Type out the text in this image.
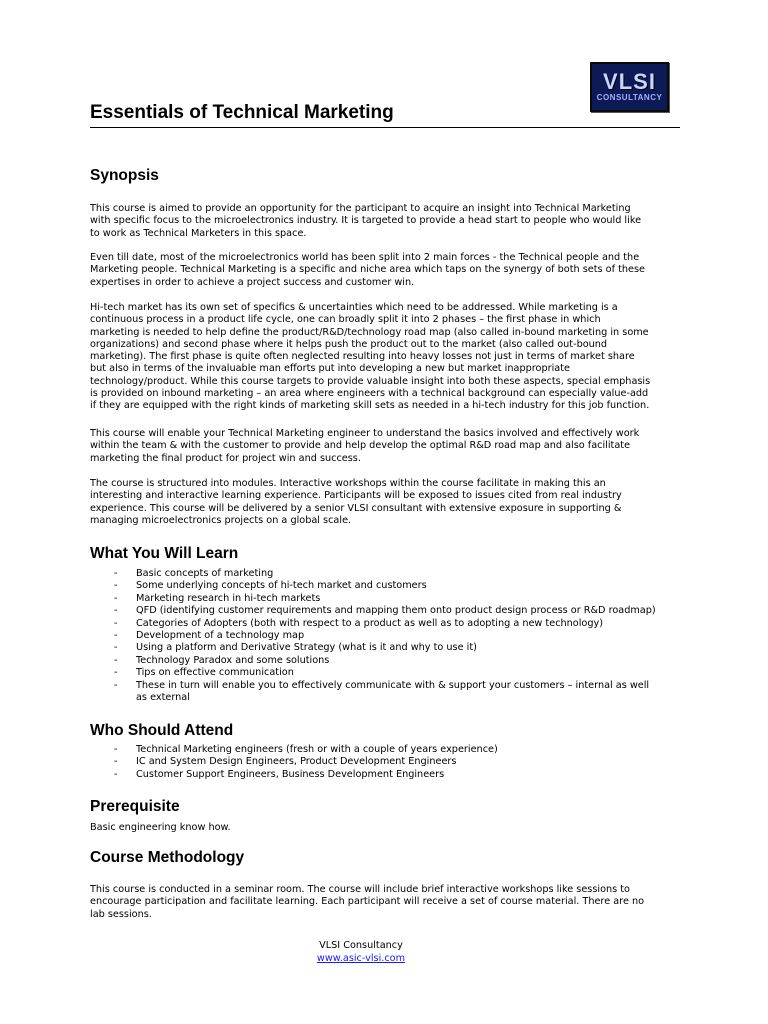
Essentials of Technical Marketing
VLSI
CONSULTANCY
Synopsis
This course is aimed to provide an opportunity for the participant to acquire an insight into Technical Marketing
with specific focus to the microelectronics industry. It is targeted to provide a head start to people who would like
to work as Technical Marketers in this space.
Even till date, most of the microelectronics world has been split into 2 main forces - the Technical people and the
Marketing people. Technical Marketing is a specific and niche area which taps on the synergy of both sets of these
expertises in order to achieve a project success and customer win.
Hi-tech market has its own set of specifics & uncertainties which need to be addressed. While marketing is a
continuous process in a product life cycle, one can broadly split it into 2 phases – the first phase in which
marketing is needed to help define the product/R&D/technology road map (also called in-bound marketing in some
organizations) and second phase where it helps push the product out to the market (also called out-bound
marketing). The first phase is quite often neglected resulting into heavy losses not just in terms of market share
but also in terms of the invaluable man efforts put into developing a new but market inappropriate
technology/product. While this course targets to provide valuable insight into both these aspects, special emphasis
is provided on inbound marketing – an area where engineers with a technical background can especially value-add
if they are equipped with the right kinds of marketing skill sets as needed in a hi-tech industry for this job function.
This course will enable your Technical Marketing engineer to understand the basics involved and effectively work
within the team & with the customer to provide and help develop the optimal R&D road map and also facilitate
marketing the final product for project win and success.
The course is structured into modules. Interactive workshops within the course facilitate in making this an
interesting and interactive learning experience. Participants will be exposed to issues cited from real industry
experience. This course will be delivered by a senior VLSI consultant with extensive exposure in supporting &
managing microelectronics projects on a global scale.
What You Will Learn
- Basic concepts of marketing
- Some underlying concepts of hi-tech market and customers
- Marketing research in hi-tech markets
- QFD (identifying customer requirements and mapping them onto product design process or R&D roadmap)
- Categories of Adopters (both with respect to a product as well as to adopting a new technology)
- Development of a technology map
- Using a platform and Derivative Strategy (what is it and why to use it)
- Technology Paradox and some solutions
- Tips on effective communication
- These in turn will enable you to effectively communicate with & support your customers – internal as well
as external
Who Should Attend
- Technical Marketing engineers (fresh or with a couple of years experience)
- IC and System Design Engineers, Product Development Engineers
- Customer Support Engineers, Business Development Engineers
Prerequisite
Basic engineering know how.
Course Methodology
This course is conducted in a seminar room. The course will include brief interactive workshops like sessions to
encourage participation and facilitate learning. Each participant will receive a set of course material. There are no
lab sessions.
VLSI Consultancy
www.asic-vlsi.com
